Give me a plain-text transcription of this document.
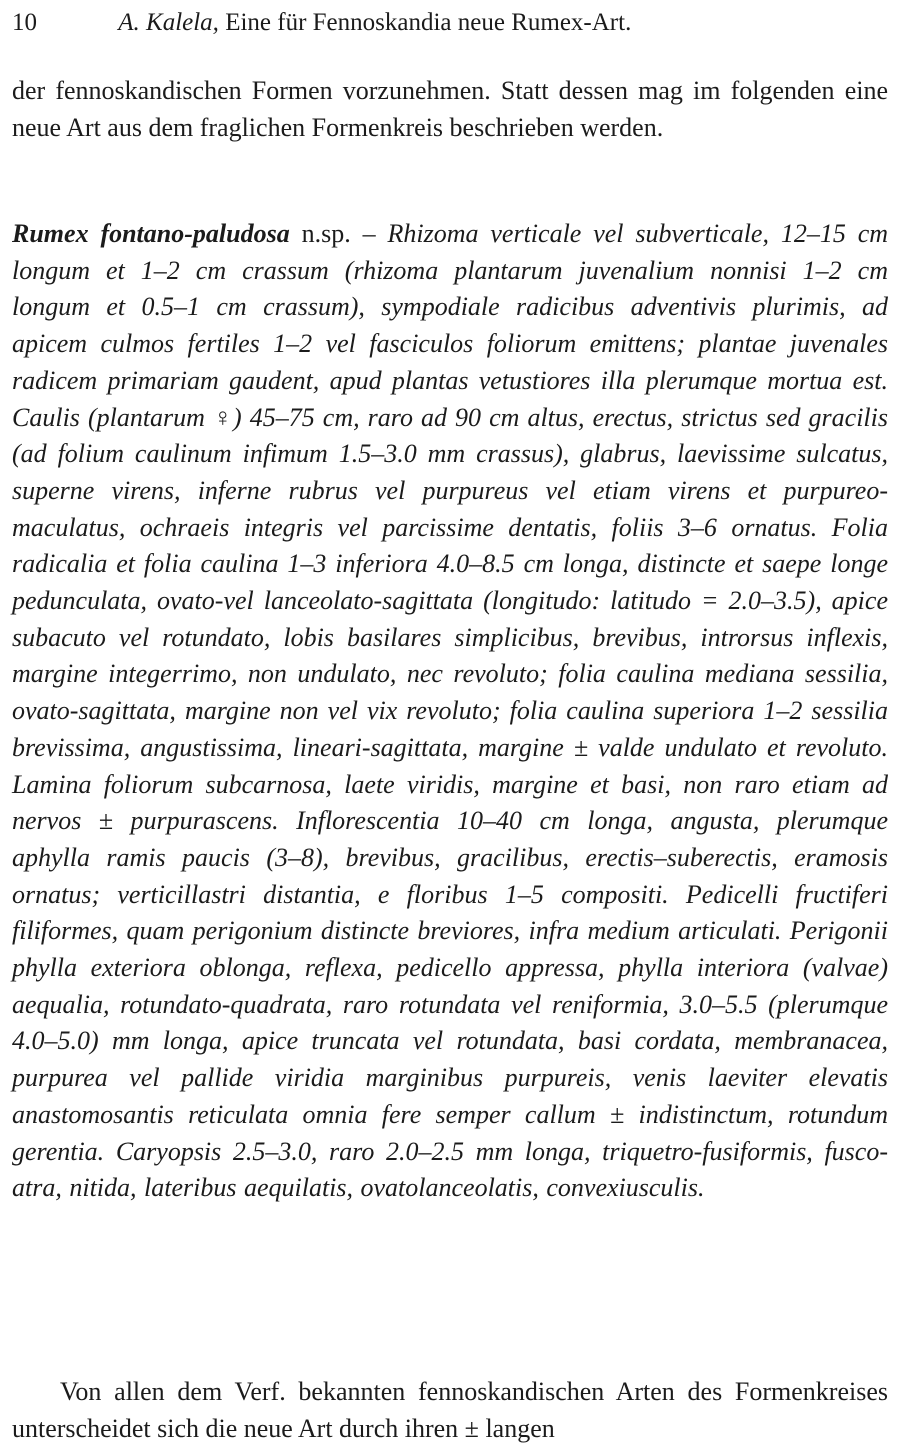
10	A. Kalela, Eine für Fennoskandia neue Rumex-Art.

der fennoskandischen Formen vorzunehmen. Statt dessen mag im folgenden eine neue Art aus dem fraglichen Formenkreis beschrieben werden.

Rumex fontano-paludosa n.sp. – Rhizoma verticale vel subverticale, 12–15 cm longum et 1–2 cm crassum (rhizoma plantarum juvenalium nonnisi 1–2 cm longum et 0.5–1 cm crassum), sympodiale radicibus adventivis plurimis, ad apicem culmos fertiles 1–2 vel fasciculos foliorum emittens; plantae juvenales radicem primariam gaudent, apud plantas vetustiores illa plerumque mortua est. Caulis (plantarum ♀) 45–75 cm, raro ad 90 cm altus, erectus, strictus sed gracilis (ad folium caulinum infimum 1.5–3.0 mm crassus), glabrus, laevissime sulcatus, superne virens, inferne rubrus vel purpureus vel etiam virens et purpureo-maculatus, ochraeis integris vel parcissime dentatis, foliis 3–6 ornatus. Folia radicalia et folia caulina 1–3 inferiora 4.0–8.5 cm longa, distincte et saepe longe pedunculata, ovato-vel lanceolato-sagittata (longitudo: latitudo = 2.0–3.5), apice subacuto vel rotundato, lobis basilares simplicibus, brevibus, introrsus inflexis, margine integerrimo, non undulato, nec revoluto; folia caulina mediana sessilia, ovato-sagittata, margine non vel vix revoluto; folia caulina superiora 1–2 sessilia brevissima, angustissima, lineari-sagittata, margine ± valde undulato et revoluto. Lamina foliorum subcarnosa, laete viridis, margine et basi, non raro etiam ad nervos ± purpurascens. Inflorescentia 10–40 cm longa, angusta, plerumque aphylla ramis paucis (3–8), brevibus, gracilibus, erectis–suberectis, eramosis ornatus; verticillastri distantia, e floribus 1–5 compositi. Pedicelli fructiferi filiformes, quam perigonium distincte breviores, infra medium articulati. Perigonii phylla exteriora oblonga, reflexa, pedicello appressa, phylla interiora (valvae) aequalia, rotundato-quadrata, raro rotundata vel reniformia, 3.0–5.5 (plerumque 4.0–5.0) mm longa, apice truncata vel rotundata, basi cordata, membranacea, purpurea vel pallide viridia marginibus purpureis, venis laeviter elevatis anastomosantis reticulata omnia fere semper callum ± indistinctum, rotundum gerentia. Caryopsis 2.5–3.0, raro 2.0–2.5 mm longa, triquetro-fusiformis, fusco-atra, nitida, lateribus aequilatis, ovatolanceolatis, convexiusculis.

Von allen dem Verf. bekannten fennoskandischen Arten des Formenkreises unterscheidet sich die neue Art durch ihren ± langen
